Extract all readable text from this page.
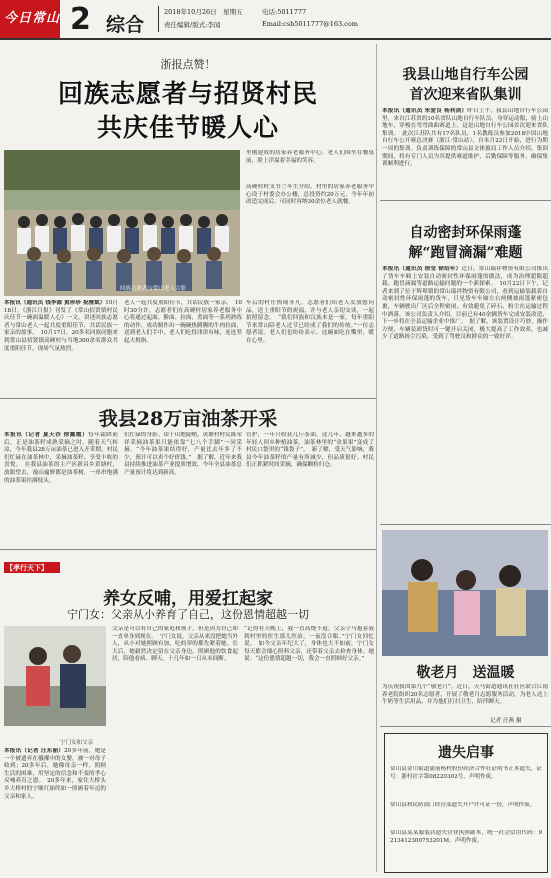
今日常山 2 综合
2018年10月26日　星期五
责任编辑/版式:李闻
电话:5011777
Email:csb5011777@163.com
浙报点赞！
回族志愿者与招贤村民
共庆佳节暖人心
回族志愿者与常山老人合影
里刚建成的居家养老服务中心。老人们围坐在餐桌前，脸上洋溢着幸福的笑容。
高硬村村支书兰冬生介绍，村里的居家养老服务中心设于村委会办公楼，总投资约20万元，今年年初改造完成后，可同时容纳30余位老人就餐。
本报讯（通讯员 钱李源 黄珍珍 祝雅斌）10月18日，《浙江日报》刊发了《常山招贤镇村民庆佳节一碗面温暖人心》一文，讲述回族志愿者与常山老人一起共度重阳佳节，共话民族一家亲的故事。　10月17日，20多名回族同胞来到常山县招贤镇高硬村与当地300余名群众共度重阳佳节，现场气氛热烈。
老人一起共度重阳佳节，共话民族一家亲。　10时30分许，志愿者们在高硬村居家养老服务中心将通过起面、擀面、拉面、煮面等一系列熟练的动作，成功制作出一碗碗热腾腾的牛肉拉面，送到老人们手中，老人们吃得津津有味，连连竖起大拇指。
车后的村庄热闹非凡。志愿者们给老人发放慰问品，送上重阳节的祝福，并与老人亲切交谈，一起拍照留念。　“我们回族和汉族本是一家，每年重阳节来常山陪老人过节已经成了我们的传统。”一位志愿者说。老人们也纷纷表示，这碗面吃在嘴里，暖在心里。
我县28万亩油茶开采
本报讯（记者 夏天谷 徐露霞）每年霜降前后，正是油茶籽成熟采摘之时。随着天气转凉，今年我县28万亩油茶已进入开采期，村民们忙碌在油茶林中，采摘油茶籽，享受丰收的喜悦。　在我县油茶的主产区新昌乡黄塘村，放眼望去，漫山遍野都是油茶树，一串串饱满的油茶果挂满枝头。
们忙碌的身影。由于山地陡峭，黄塘村村民陈荣祥采摘油茶果只能依靠“七八个手脚”一同采摘。“今年油茶果结得好，产量比去年多了不少，预计可以卖个好价钱。”　据了解，近年来我县持续推进油茶产业提质增效，今年全县油茶总产量预计将达到新高。
管护，一年只收获几斤茶油。这几年，越来越多的年轻人回乡种植油茶，油茶林里的“金果果”变成了村民口袋里的“钱袋子”。　新了解，受天气影响，我县今年油茶籽的产量有所减少，但品质很好。村民们正抓紧时间采摘，确保颗粒归仓。
【孝行天下】
养女反哺，用爱扛起家
宁门女：父亲从小养育了自己，这份恩情超越一切
宁门女和父亲
本报讯（记者 汪东丽）20多年前，她是一个被遗弃在襁褓中的女婴，被一对母子收到；20多年后，她像母亲一样，照顾生活的困难，用坚定的信念和不变的孝心反哺养育之恩。　20多年来，家住大桥头乡大桥村的宁继红始终如一照顾着年迈的父亲和家人。
父亲是可以有自己的家庭和孩子，但是因为自己却一直单身到现在。　宁门女说，父亲从来没把她当外人，从小对她照顾有加，吃的穿的都先紧着她。长大后，她毅然决定留在父亲身边，照顾他的饮食起居，陪他看病、聊天，十几年如一日从未间断。
“记得有天晚上，我一直高烧不退，父亲立马抱着我到村里的医生那儿医治，一夜没合眼。”宁门女回忆说。　如今父亲年纪大了，身体也大不如前，宁门女每天都会细心照料父亲，还带着父亲去检查身体。她说：“这份恩情超越一切，我会一直照顾好父亲。”
我县山地自行车公园
首次迎来省队集训
本报讯（通讯员 朱爱良 杨利剑）昨日上午，我县山地自行车公园里，来自江苏省的10名省队山地自行车队员，身穿运动服，骑上山地车，穿梭在弯弯曲曲赛道上，这是山地自行车公园首次迎来省队集训。　此次江苏队共有17名队员，1名教练员参加2018中国山地自行车公开赛总决赛（浙江·常山站）。自本月22日开始，进行为期一周的集训。负责训练保障的常山县文体旅局工作人员介绍，集训期间，将有专门人员为其提供赛道维护、后勤保障等服务，确保集训顺利进行。
自动密封环保雨蓬
解“跑冒滴漏”难题
本报讯（通讯员 徐莹 徐绍年）近日，常山瑞祥物资有限公司推出了货车车厢上安装自动密封性环保雨蓬的做法，成为治理超限超载、跑冒滴漏等道路运输问题的一个新探索。　10月22日下午，记者来到了位于辉埠镇的常山瑞祥物资有限公司，看到运输装载着自动密封性环保雨蓬的货车，只见货车车厢左右两侧被雨篷紧密包裹，车辆驶出厂区后全程密闭，有效避免了碎石、粉尘在运输过程中洒落。该公司负责人介绍，目前已有40余辆货车完成安装改造，下一步将在全县运输企业中推广。　据了解，该装置设计巧妙，操作方便，车辆装卸货时可一键开启关闭，极大提高了工作效率，也减少了道路扬尘污染，受到了驾驶员和群众的一致好评。
敬老月　送温暖
为庆祝我国第九个“敬老月”，近日，天马街道通讯社社区联合江雨养老院组织20名志愿者，开展了敬老月志愿服务活动，为老人送上牛奶等生活用品，并为他们打扫卫生、陪伴聊天。
记者 汪燕 摄
遗失启事
常山县金川街道蒲前杨村股份经济合作社证明书正本遗失，证号：浙村社字第08220302号，声明作废。
常山县利民防盗门经营部遗失开户许可证一份，声明作废。
常山县某某服装店遗失营业执照副本，统一社会信用代码：9213412300753201M，声明作废。
